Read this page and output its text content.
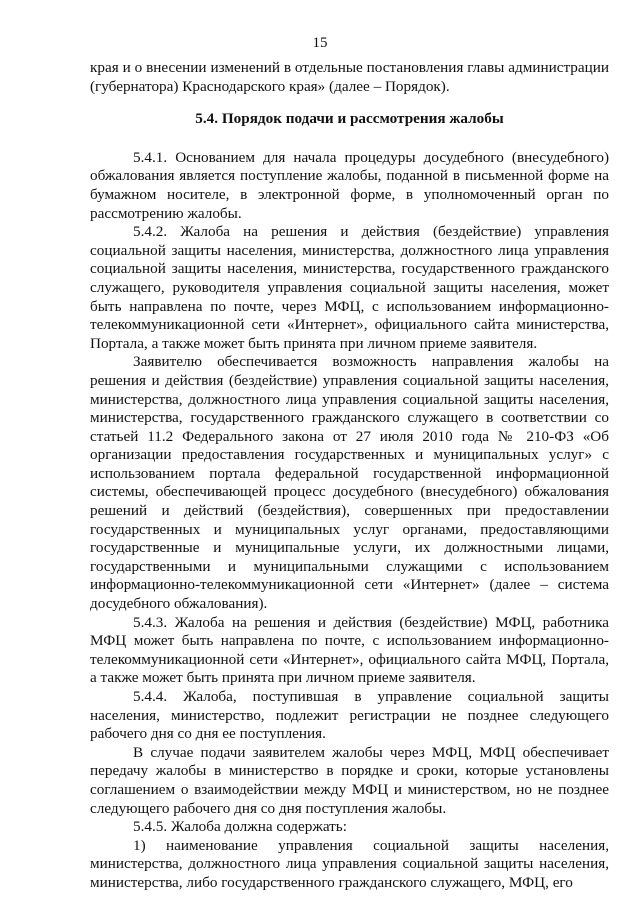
15

края и о внесении изменений в отдельные постановления главы администрации (губернатора) Краснодарского края» (далее – Порядок).

5.4. Порядок подачи и рассмотрения жалобы

5.4.1. Основанием для начала процедуры досудебного (внесудебного) обжалования является поступление жалобы, поданной в письменной форме на бумажном носителе, в электронной форме, в уполномоченный орган по рассмотрению жалобы.

5.4.2. Жалоба на решения и действия (бездействие) управления социальной защиты населения, министерства, должностного лица управления социальной защиты населения, министерства, государственного гражданского служащего, руководителя управления социальной защиты населения, может быть направлена по почте, через МФЦ, с использованием информационно-телекоммуникационной сети «Интернет», официального сайта министерства, Портала, а также может быть принята при личном приеме заявителя.

Заявителю обеспечивается возможность направления жалобы на решения и действия (бездействие) управления социальной защиты населения, министерства, должностного лица управления социальной защиты населения, министерства, государственного гражданского служащего в соответствии со статьей 11.2 Федерального закона от 27 июля 2010 года № 210-ФЗ «Об организации предоставления государственных и муниципальных услуг» с использованием портала федеральной государственной информационной системы, обеспечивающей процесс досудебного (внесудебного) обжалования решений и действий (бездействия), совершенных при предоставлении государственных и муниципальных услуг органами, предоставляющими государственные и муниципальные услуги, их должностными лицами, государственными и муниципальными служащими с использованием информационно-телекоммуникационной сети «Интернет» (далее – система досудебного обжалования).

5.4.3. Жалоба на решения и действия (бездействие) МФЦ, работника МФЦ может быть направлена по почте, с использованием информационно-телекоммуникационной сети «Интернет», официального сайта МФЦ, Портала, а также может быть принята при личном приеме заявителя.

5.4.4. Жалоба, поступившая в управление социальной защиты населения, министерство, подлежит регистрации не позднее следующего рабочего дня со дня ее поступления.

В случае подачи заявителем жалобы через МФЦ, МФЦ обеспечивает передачу жалобы в министерство в порядке и сроки, которые установлены соглашением о взаимодействии между МФЦ и министерством, но не позднее следующего рабочего дня со дня поступления жалобы.

5.4.5. Жалоба должна содержать:

1) наименование управления социальной защиты населения, министерства, должностного лица управления социальной защиты населения, министерства, либо государственного гражданского служащего, МФЦ, его
